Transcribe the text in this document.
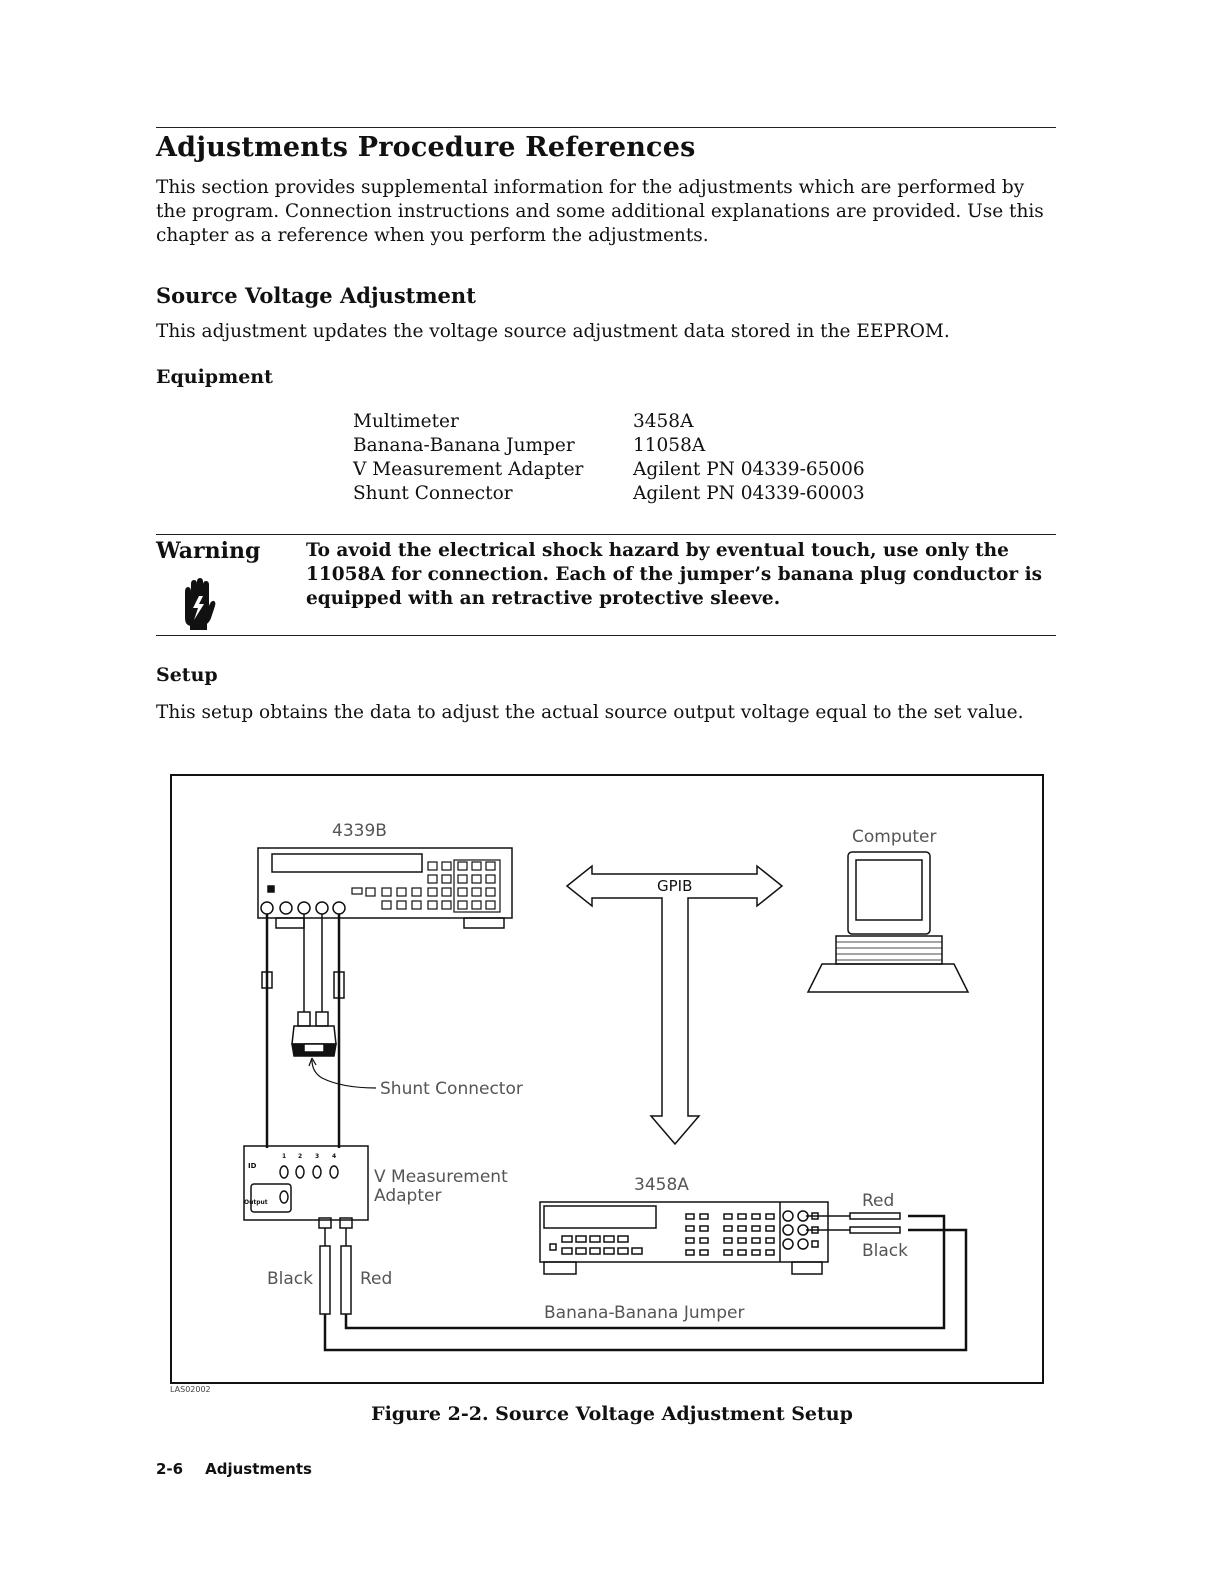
Adjustments Procedure References

This section provides supplemental information for the adjustments which are performed by the program. Connection instructions and some additional explanations are provided. Use this chapter as a reference when you perform the adjustments.

Source Voltage Adjustment

This adjustment updates the voltage source adjustment data stored in the EEPROM.

Equipment
Multimeter	3458A
Banana-Banana Jumper	11058A
V Measurement Adapter	Agilent PN 04339-65006
Shunt Connector	Agilent PN 04339-60003
Warning To avoid the electrical shock hazard by eventual touch, use only the 11058A for connection. Each of the jumper’s banana plug conductor is equipped with an retractive protective sleeve.

Setup

This setup obtains the data to adjust the actual source output voltage equal to the set value.

4339B	Computer
GPIB
Shunt Connector
V Measurement
Adapter
3458A
Red
Black
Black	Red
Banana-Banana Jumper
ID
Output
1 2 3 4
LAS02002

Figure 2-2. Source Voltage Adjustment Setup

2-6 Adjustments
